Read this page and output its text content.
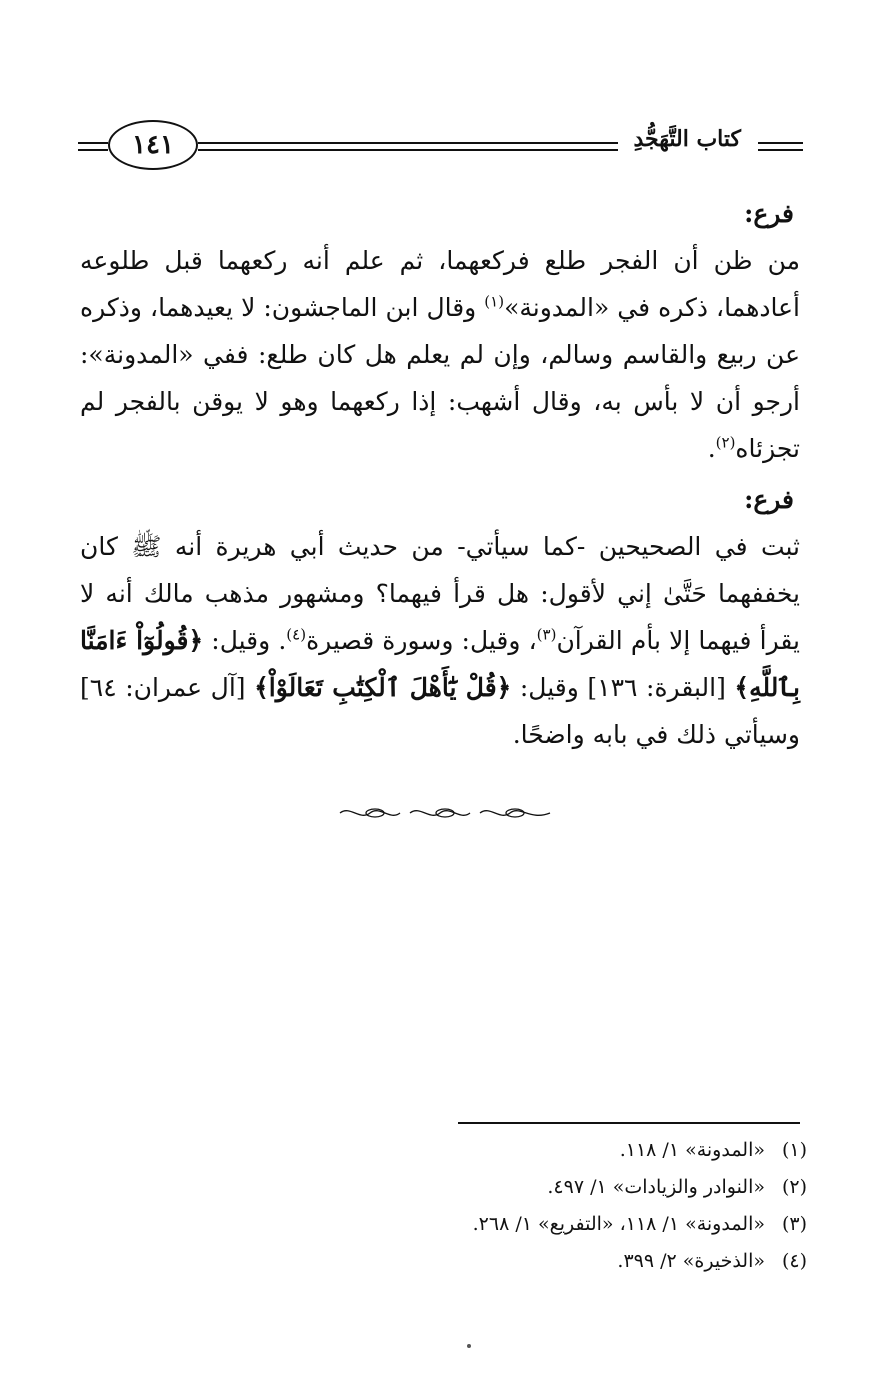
١٤١	كتاب التَّهَجُّدِ
فرع:

من ظن أن الفجر طلع فركعهما، ثم علم أنه ركعهما قبل طلوعه أعادهما، ذكره في «المدونة»$^{(١)}$ وقال ابن الماجشون: لا يعيدهما، وذكره عن ربيع والقاسم وسالم، وإن لم يعلم هل كان طلع: ففي «المدونة»: أرجو أن لا بأس به، وقال أشهب: إذا ركعهما وهو لا يوقن بالفجر لم تجزئاه$^{(٢)}$.

فرع:

ثبت في الصحيحين -كما سيأتي- من حديث أبي هريرة أنه ﷺ كان يخففهما حَتَّىٰ إني لأقول: هل قرأ فيهما؟ ومشهور مذهب مالك أنه لا يقرأ فيهما إلا بأم القرآن$^{(٣)}$، وقيل: وسورة قصيرة$^{(٤)}$. وقيل: ﴿قُولُوٓاْ ءَامَنَّا بِٱللَّهِ﴾ [البقرة: ١٣٦] وقيل: ﴿قُلْ يَٰٓأَهْلَ ٱلْكِتَٰبِ تَعَالَوْاْ﴾ [آل عمران: ٦٤] وسيأتي ذلك في بابه واضحًا.

(١)«المدونة» ١/ ١١٨.
(٢)«النوادر والزيادات» ١/ ٤٩٧.
(٣)«المدونة» ١/ ١١٨، «التفريع» ١/ ٢٦٨.
(٤)«الذخيرة» ٢/ ٣٩٩.
